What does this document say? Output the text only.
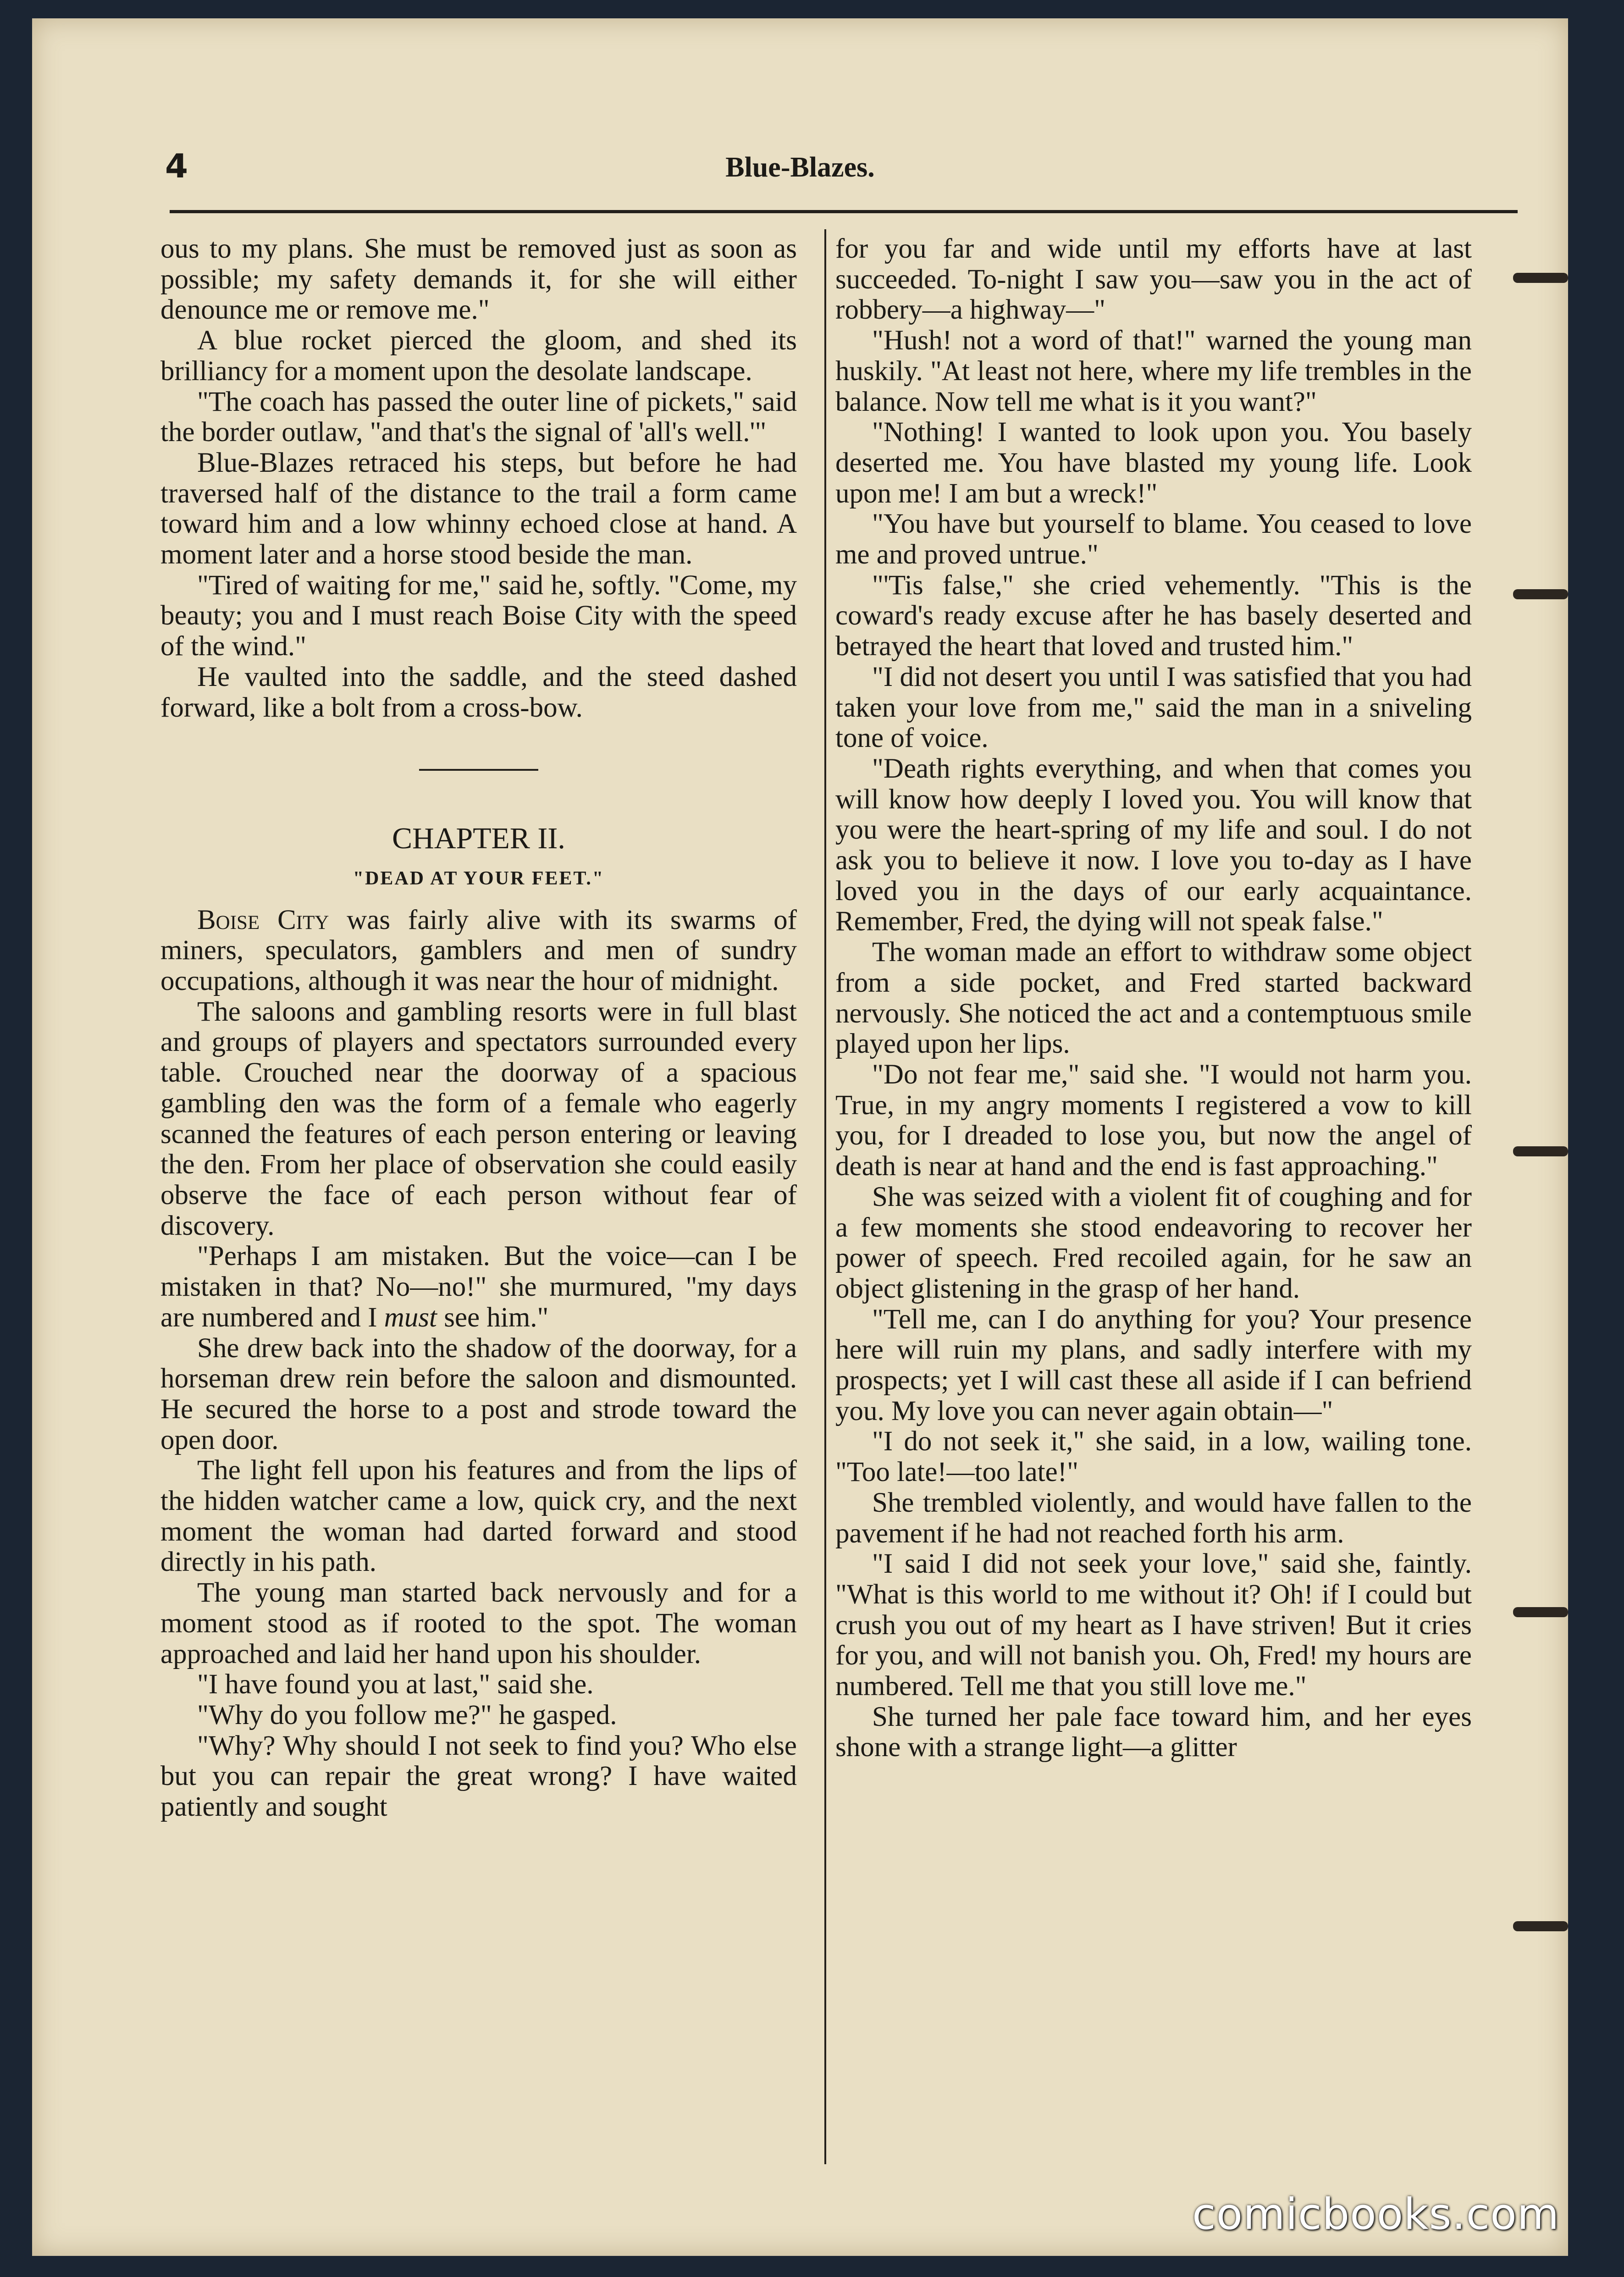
4	Blue-Blazes.

ous to my plans. She must be removed just as soon as possible; my safety demands it, for she will either denounce me or remove me."

A blue rocket pierced the gloom, and shed its brilliancy for a moment upon the desolate landscape.

"The coach has passed the outer line of pickets," said the border outlaw, "and that's the signal of 'all's well.'"

Blue-Blazes retraced his steps, but before he had traversed half of the distance to the trail a form came toward him and a low whinny echoed close at hand. A moment later and a horse stood beside the man.

"Tired of waiting for me," said he, softly. "Come, my beauty; you and I must reach Boise City with the speed of the wind."

He vaulted into the saddle, and the steed dashed forward, like a bolt from a cross-bow.

CHAPTER II.

"DEAD AT YOUR FEET."

Boise City was fairly alive with its swarms of miners, speculators, gamblers and men of sundry occupations, although it was near the hour of midnight.

The saloons and gambling resorts were in full blast and groups of players and spectators surrounded every table. Crouched near the doorway of a spacious gambling den was the form of a female who eagerly scanned the features of each person entering or leaving the den. From her place of observation she could easily observe the face of each person without fear of discovery.

"Perhaps I am mistaken. But the voice—can I be mistaken in that? No—no!" she murmured, "my days are numbered and I must see him."

She drew back into the shadow of the doorway, for a horseman drew rein before the saloon and dismounted. He secured the horse to a post and strode toward the open door.

The light fell upon his features and from the lips of the hidden watcher came a low, quick cry, and the next moment the woman had darted forward and stood directly in his path.

The young man started back nervously and for a moment stood as if rooted to the spot. The woman approached and laid her hand upon his shoulder.

"I have found you at last," said she.

"Why do you follow me?" he gasped.

"Why? Why should I not seek to find you? Who else but you can repair the great wrong? I have waited patiently and sought

for you far and wide until my efforts have at last succeeded. To-night I saw you—saw you in the act of robbery—a highway—"

"Hush! not a word of that!" warned the young man huskily. "At least not here, where my life trembles in the balance. Now tell me what is it you want?"

"Nothing! I wanted to look upon you. You basely deserted me. You have blasted my young life. Look upon me! I am but a wreck!"

"You have but yourself to blame. You ceased to love me and proved untrue."

"'Tis false," she cried vehemently. "This is the coward's ready excuse after he has basely deserted and betrayed the heart that loved and trusted him."

"I did not desert you until I was satisfied that you had taken your love from me," said the man in a sniveling tone of voice.

"Death rights everything, and when that comes you will know how deeply I loved you. You will know that you were the heart-spring of my life and soul. I do not ask you to believe it now. I love you to-day as I have loved you in the days of our early acquaintance. Remember, Fred, the dying will not speak false."

The woman made an effort to withdraw some object from a side pocket, and Fred started backward nervously. She noticed the act and a contemptuous smile played upon her lips.

"Do not fear me," said she. "I would not harm you. True, in my angry moments I registered a vow to kill you, for I dreaded to lose you, but now the angel of death is near at hand and the end is fast approaching."

She was seized with a violent fit of coughing and for a few moments she stood endeavoring to recover her power of speech. Fred recoiled again, for he saw an object glistening in the grasp of her hand.

"Tell me, can I do anything for you? Your presence here will ruin my plans, and sadly interfere with my prospects; yet I will cast these all aside if I can befriend you. My love you can never again obtain—"

"I do not seek it," she said, in a low, wailing tone. "Too late!—too late!"

She trembled violently, and would have fallen to the pavement if he had not reached forth his arm.

"I said I did not seek your love," said she, faintly. "What is this world to me without it? Oh! if I could but crush you out of my heart as I have striven! But it cries for you, and will not banish you. Oh, Fred! my hours are numbered. Tell me that you still love me."

She turned her pale face toward him, and her eyes shone with a strange light—a glitter

comicbooks.com
